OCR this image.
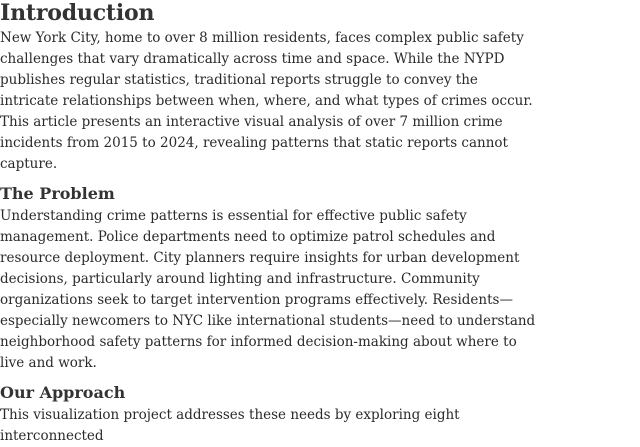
Introduction

New York City, home to over 8 million residents, faces complex public safety challenges that vary dramatically across time and space. While the NYPD publishes regular statistics, traditional reports struggle to convey the intricate relationships between when, where, and what types of crimes occur. This article presents an interactive visual analysis of over 7 million crime incidents from 2015 to 2024, revealing patterns that static reports cannot capture.

The Problem

Understanding crime patterns is essential for effective public safety management. Police departments need to optimize patrol schedules and resource deployment. City planners require insights for urban development decisions, particularly around lighting and infrastructure. Community organizations seek to target intervention programs effectively. Residents—especially newcomers to NYC like international students—need to understand neighborhood safety patterns for informed decision-making about where to live and work.

Our Approach

This visualization project addresses these needs by exploring eight interconnected
